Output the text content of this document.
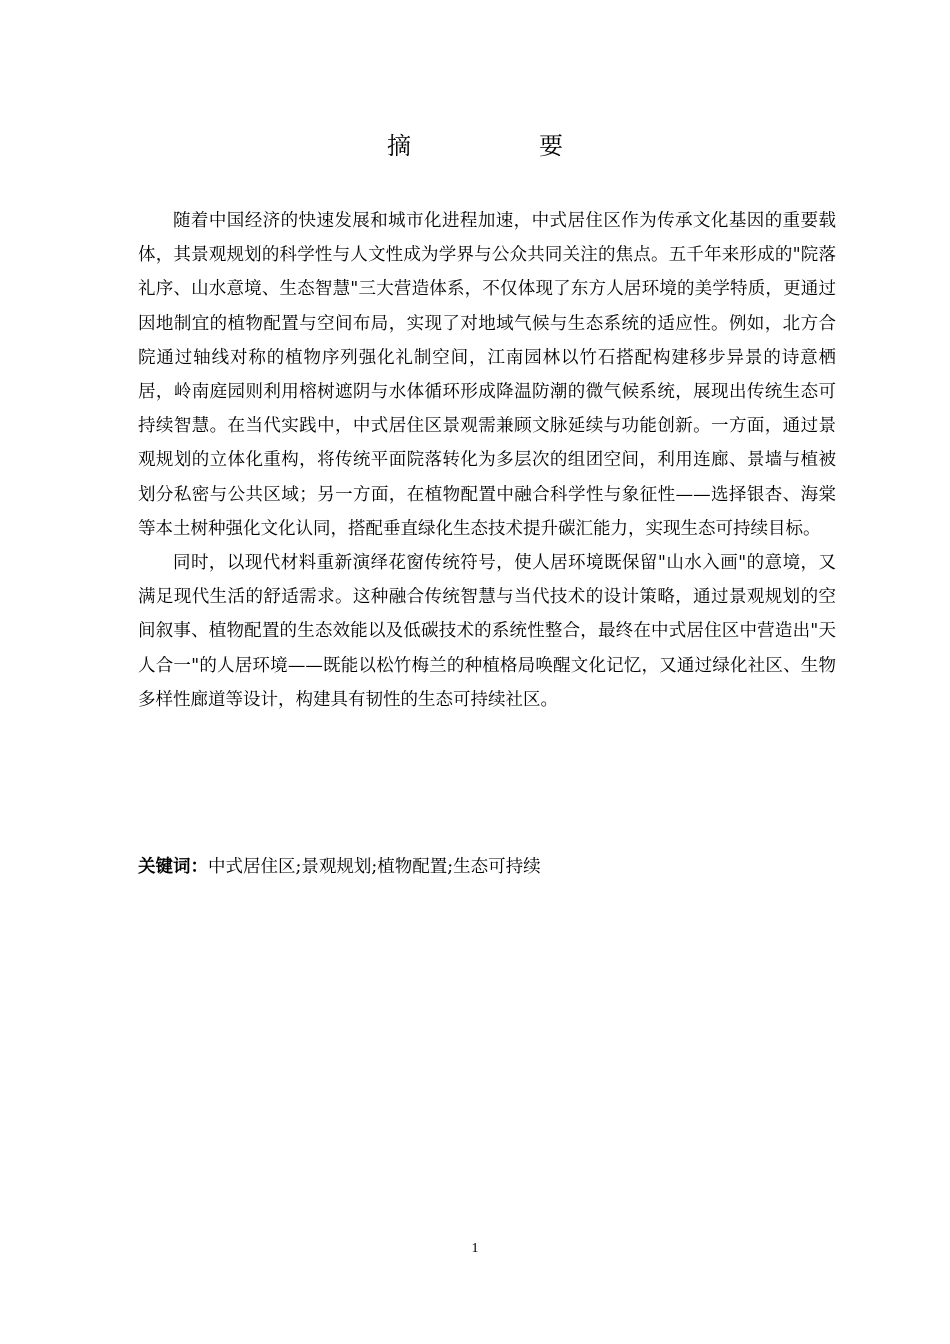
摘　要

随着中国经济的快速发展和城市化进程加速，中式居住区作为传承文化基因的重要载体，其景观规划的科学性与人文性成为学界与公众共同关注的焦点。五千年来形成的"院落礼序、山水意境、生态智慧"三大营造体系，不仅体现了东方人居环境的美学特质，更通过因地制宜的植物配置与空间布局，实现了对地域气候与生态系统的适应性。例如，北方合院通过轴线对称的植物序列强化礼制空间，江南园林以竹石搭配构建移步异景的诗意栖居，岭南庭园则利用榕树遮阴与水体循环形成降温防潮的微气候系统，展现出传统生态可持续智慧。在当代实践中，中式居住区景观需兼顾文脉延续与功能创新。一方面，通过景观规划的立体化重构，将传统平面院落转化为多层次的组团空间，利用连廊、景墙与植被划分私密与公共区域；另一方面，在植物配置中融合科学性与象征性——选择银杏、海棠等本土树种强化文化认同，搭配垂直绿化生态技术提升碳汇能力，实现生态可持续目标。

同时，以现代材料重新演绎花窗传统符号，使人居环境既保留"山水入画"的意境，又满足现代生活的舒适需求。这种融合传统智慧与当代技术的设计策略，通过景观规划的空间叙事、植物配置的生态效能以及低碳技术的系统性整合，最终在中式居住区中营造出"天人合一"的人居环境——既能以松竹梅兰的种植格局唤醒文化记忆，又通过绿化社区、生物多样性廊道等设计，构建具有韧性的生态可持续社区。

关键词：中式居住区;景观规划;植物配置;生态可持续

1
